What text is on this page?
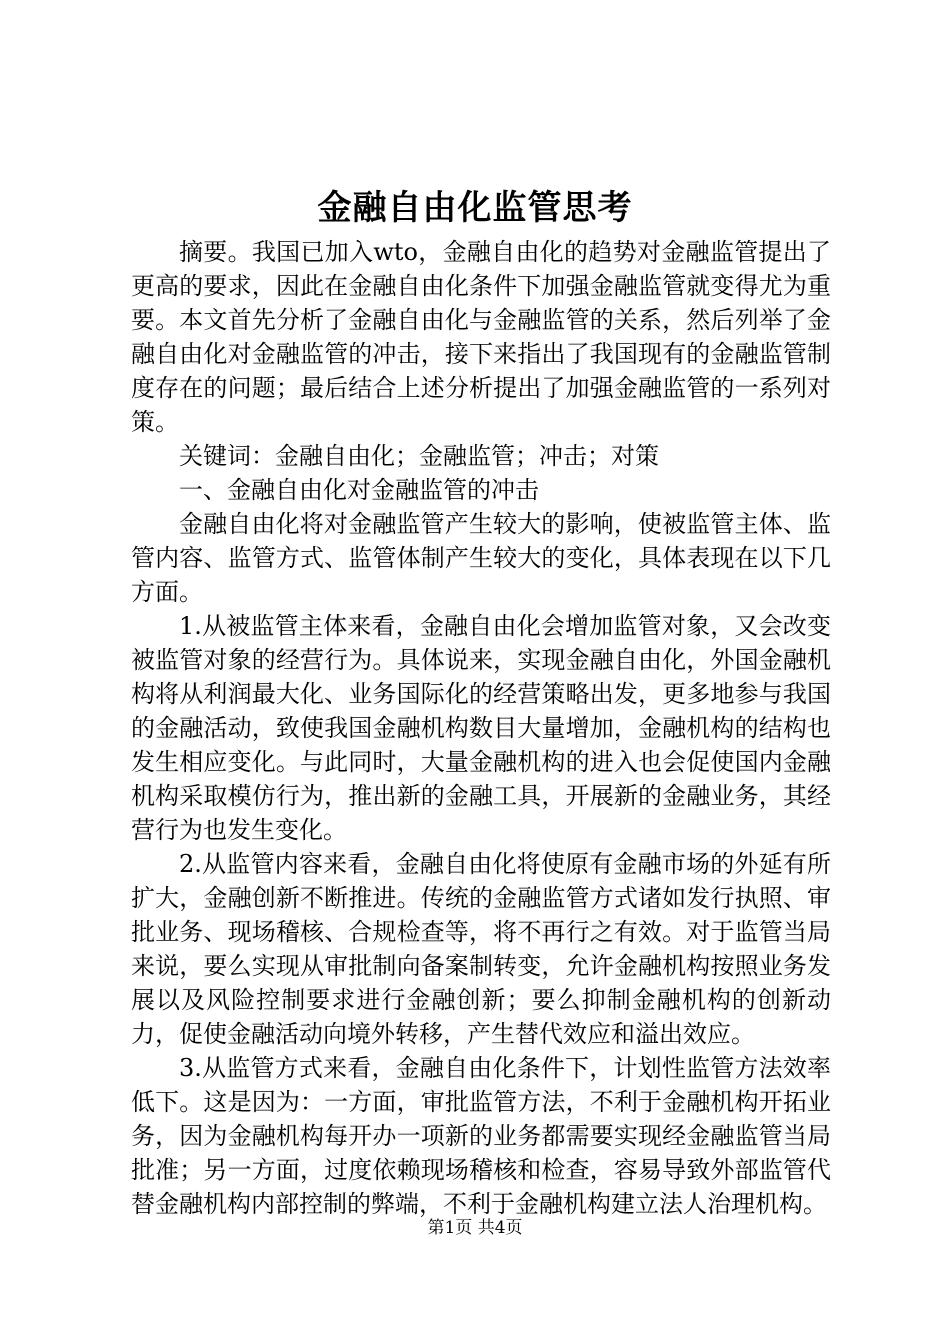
金融自由化监管思考

摘要。我国已加入wto，金融自由化的趋势对金融监管提出了更高的要求，因此在金融自由化条件下加强金融监管就变得尤为重要。本文首先分析了金融自由化与金融监管的关系，然后列举了金融自由化对金融监管的冲击，接下来指出了我国现有的金融监管制度存在的问题；最后结合上述分析提出了加强金融监管的一系列对策。

关键词：金融自由化；金融监管；冲击；对策

一、金融自由化对金融监管的冲击

金融自由化将对金融监管产生较大的影响，使被监管主体、监管内容、监管方式、监管体制产生较大的变化，具体表现在以下几方面。

1.从被监管主体来看，金融自由化会增加监管对象，又会改变被监管对象的经营行为。具体说来，实现金融自由化，外国金融机构将从利润最大化、业务国际化的经营策略出发，更多地参与我国的金融活动，致使我国金融机构数目大量增加，金融机构的结构也发生相应变化。与此同时，大量金融机构的进入也会促使国内金融机构采取模仿行为，推出新的金融工具，开展新的金融业务，其经营行为也发生变化。

2.从监管内容来看，金融自由化将使原有金融市场的外延有所扩大，金融创新不断推进。传统的金融监管方式诸如发行执照、审批业务、现场稽核、合规检查等，将不再行之有效。对于监管当局来说，要么实现从审批制向备案制转变，允许金融机构按照业务发展以及风险控制要求进行金融创新；要么抑制金融机构的创新动力，促使金融活动向境外转移，产生替代效应和溢出效应。

3.从监管方式来看，金融自由化条件下，计划性监管方法效率低下。这是因为：一方面，审批监管方法，不利于金融机构开拓业务，因为金融机构每开办一项新的业务都需要实现经金融监管当局批准；另一方面，过度依赖现场稽核和检查，容易导致外部监管代替金融机构内部控制的弊端，不利于金融机构建立法人治理机构。

第1页 共4页
